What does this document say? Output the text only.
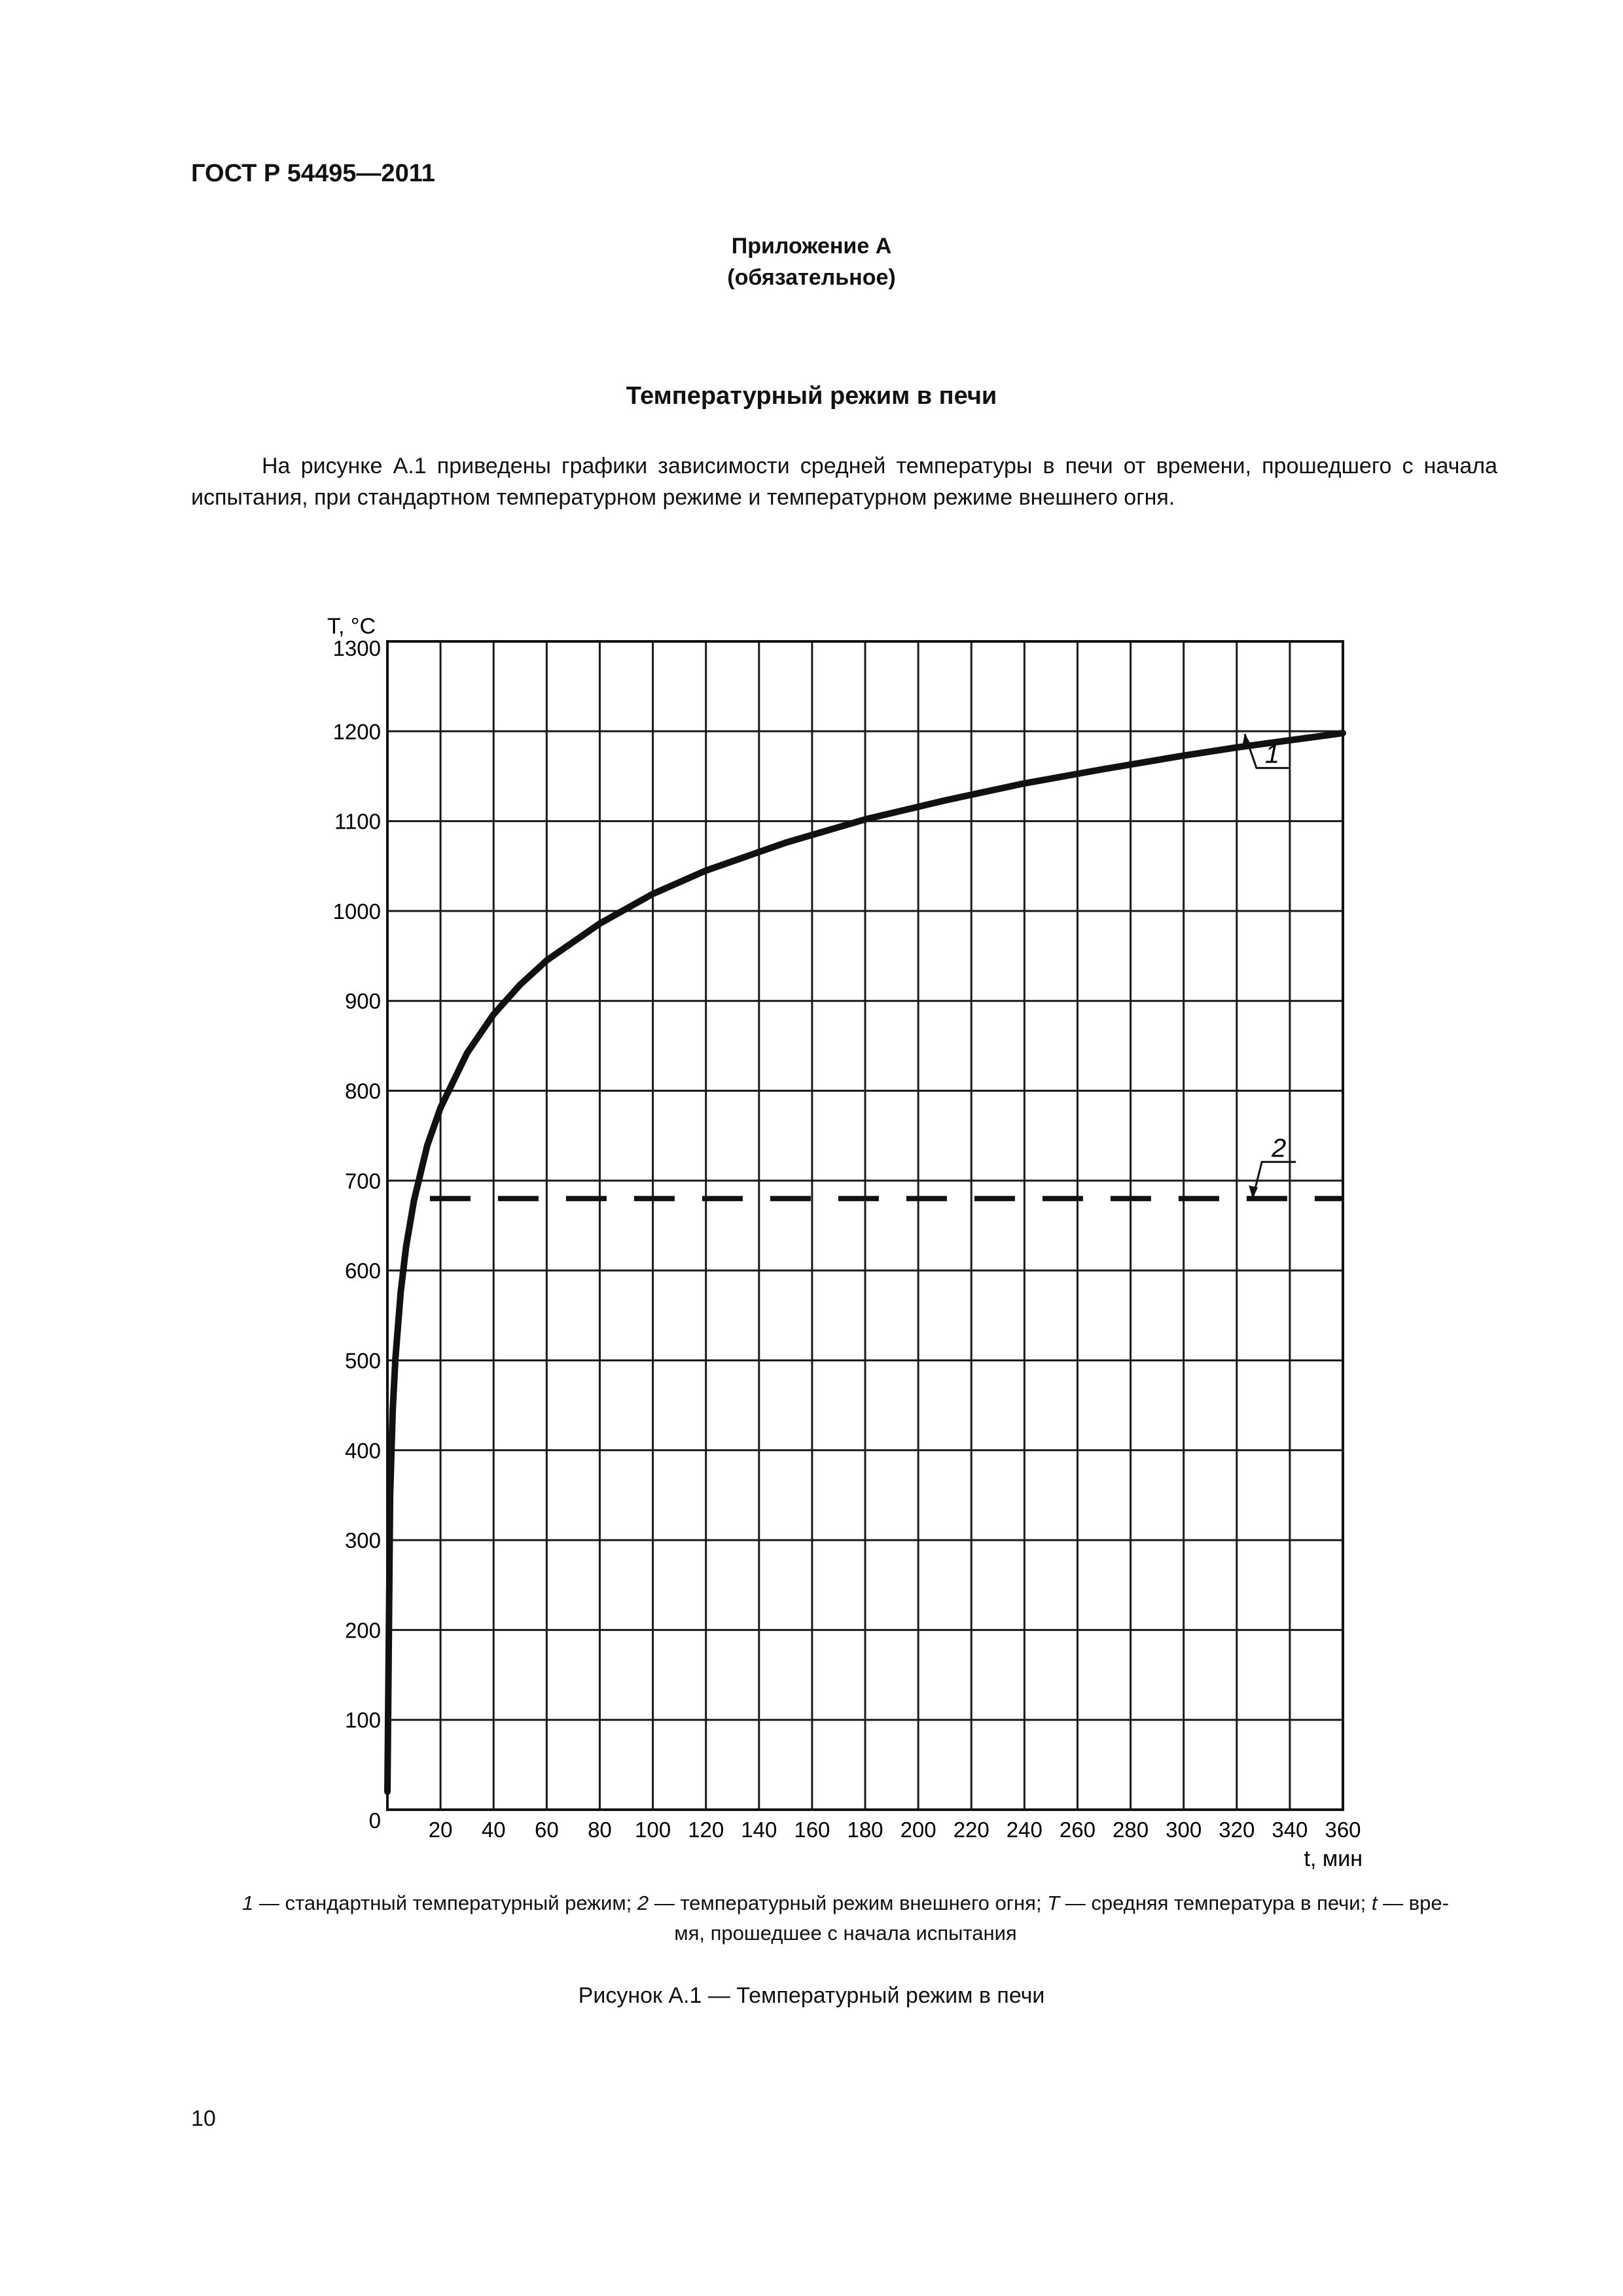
ГОСТ Р 54495—2011
Приложение А
(обязательное)
Температурный режим в печи
На рисунке А.1 приведены графики зависимости средней температуры в печи от времени, прошедшего с начала испытания, при стандартном температурном режиме и температурном режиме внешнего огня.
0
100
200
300
400
500
600
700
800
900
1000
1100
1200
1300
20 40 60 80 100 120 140 160 180 200 220 240 260 280 300 320 340 360
T, °C
t, мин
1
2
1 — стандартный температурный режим; 2 — температурный режим внешнего огня; T — средняя температура в печи; t — вре-
мя, прошедшее с начала испытания
Рисунок А.1 — Температурный режим в печи
10
